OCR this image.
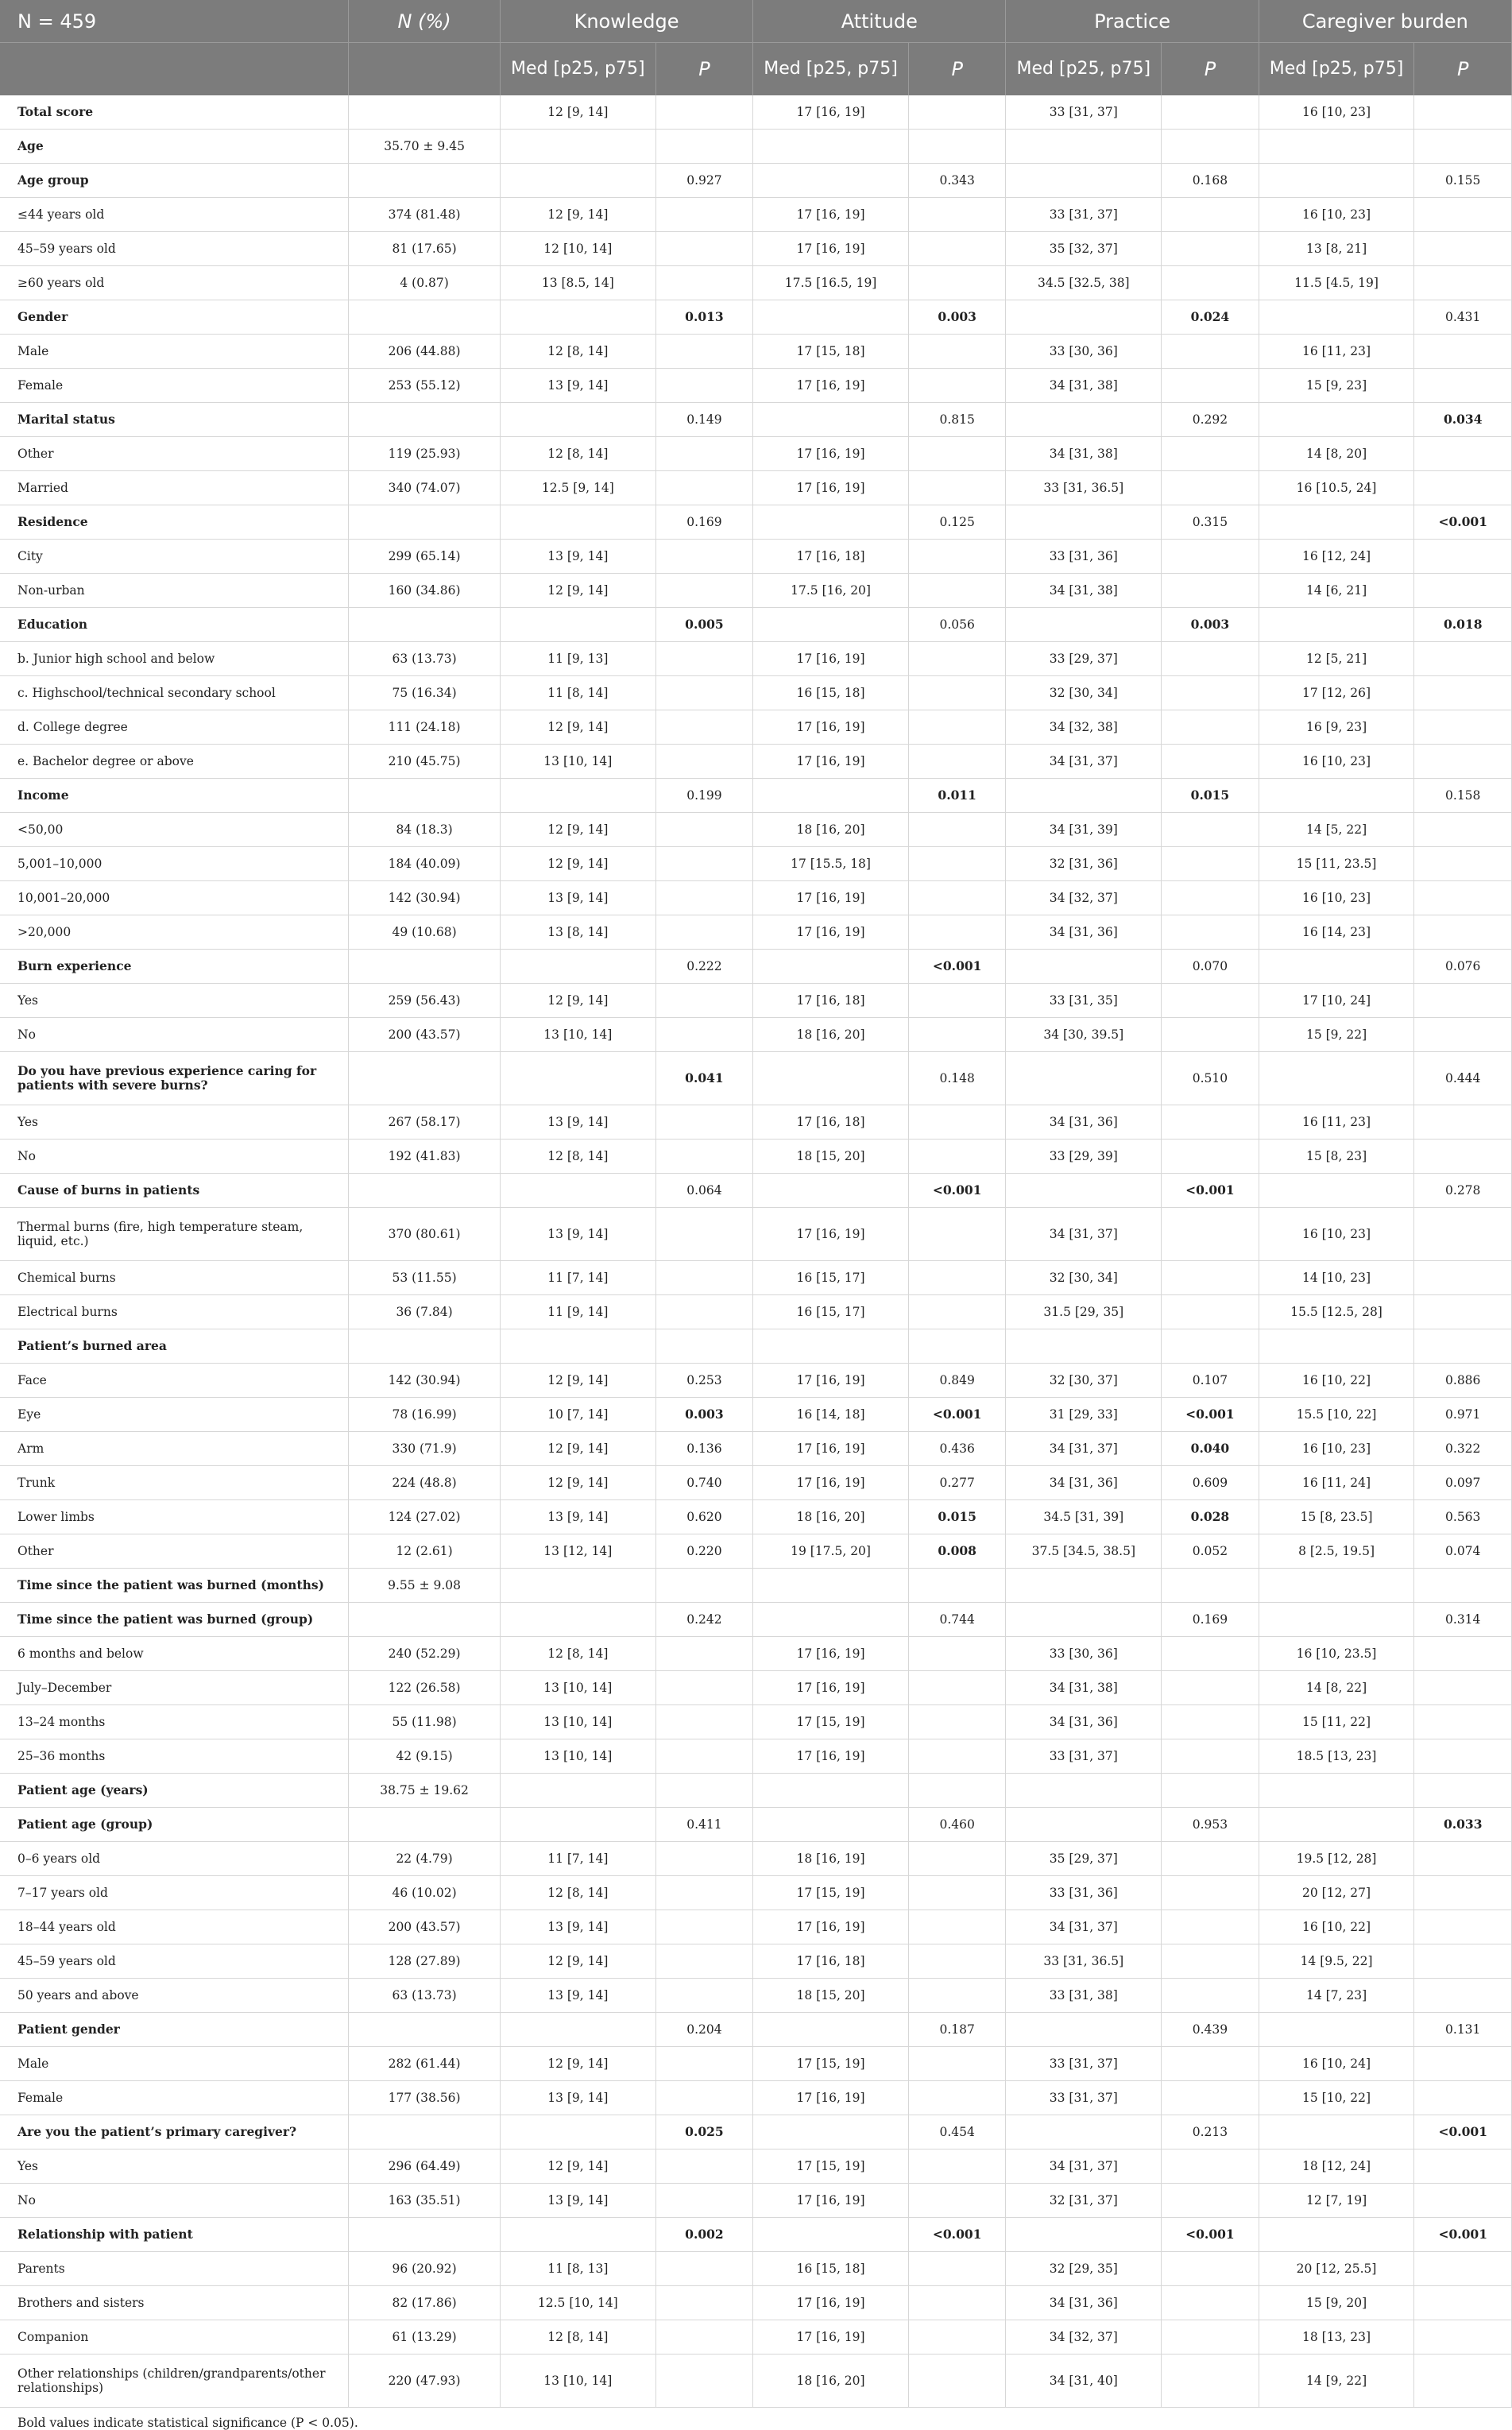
N = 459	N (%)	Knowledge		Attitude		Practice		Caregiver burden	
		Med [p25, p75]	P	Med [p25, p75]	P	Med [p25, p75]	P	Med [p25, p75]	P
Total score		12 [9, 14]		17 [16, 19]		33 [31, 37]		16 [10, 23]	
Age	35.70 ± 9.45								
Age group			0.927		0.343		0.168		0.155
≤44 years old	374 (81.48)	12 [9, 14]		17 [16, 19]		33 [31, 37]		16 [10, 23]	
45–59 years old	81 (17.65)	12 [10, 14]		17 [16, 19]		35 [32, 37]		13 [8, 21]	
≥60 years old	4 (0.87)	13 [8.5, 14]		17.5 [16.5, 19]		34.5 [32.5, 38]		11.5 [4.5, 19]	
Gender			0.013		0.003		0.024		0.431
Male	206 (44.88)	12 [8, 14]		17 [15, 18]		33 [30, 36]		16 [11, 23]	
Female	253 (55.12)	13 [9, 14]		17 [16, 19]		34 [31, 38]		15 [9, 23]	
Marital status			0.149		0.815		0.292		0.034
Other	119 (25.93)	12 [8, 14]		17 [16, 19]		34 [31, 38]		14 [8, 20]	
Married	340 (74.07)	12.5 [9, 14]		17 [16, 19]		33 [31, 36.5]		16 [10.5, 24]	
Residence			0.169		0.125		0.315		<0.001
City	299 (65.14)	13 [9, 14]		17 [16, 18]		33 [31, 36]		16 [12, 24]	
Non-urban	160 (34.86)	12 [9, 14]		17.5 [16, 20]		34 [31, 38]		14 [6, 21]	
Education			0.005		0.056		0.003		0.018
b. Junior high school and below	63 (13.73)	11 [9, 13]		17 [16, 19]		33 [29, 37]		12 [5, 21]	
c. Highschool/technical secondary school	75 (16.34)	11 [8, 14]		16 [15, 18]		32 [30, 34]		17 [12, 26]	
d. College degree	111 (24.18)	12 [9, 14]		17 [16, 19]		34 [32, 38]		16 [9, 23]	
e. Bachelor degree or above	210 (45.75)	13 [10, 14]		17 [16, 19]		34 [31, 37]		16 [10, 23]	
Income			0.199		0.011		0.015		0.158
<50,00	84 (18.3)	12 [9, 14]		18 [16, 20]		34 [31, 39]		14 [5, 22]	
5,001–10,000	184 (40.09)	12 [9, 14]		17 [15.5, 18]		32 [31, 36]		15 [11, 23.5]	
10,001–20,000	142 (30.94)	13 [9, 14]		17 [16, 19]		34 [32, 37]		16 [10, 23]	
>20,000	49 (10.68)	13 [8, 14]		17 [16, 19]		34 [31, 36]		16 [14, 23]	
Burn experience			0.222		<0.001		0.070		0.076
Yes	259 (56.43)	12 [9, 14]		17 [16, 18]		33 [31, 35]		17 [10, 24]	
No	200 (43.57)	13 [10, 14]		18 [16, 20]		34 [30, 39.5]		15 [9, 22]	
Do you have previous experience caring for patients with severe burns?			0.041		0.148		0.510		0.444
Yes	267 (58.17)	13 [9, 14]		17 [16, 18]		34 [31, 36]		16 [11, 23]	
No	192 (41.83)	12 [8, 14]		18 [15, 20]		33 [29, 39]		15 [8, 23]	
Cause of burns in patients			0.064		<0.001		<0.001		0.278
Thermal burns (fire, high temperature steam, liquid, etc.)	370 (80.61)	13 [9, 14]		17 [16, 19]		34 [31, 37]		16 [10, 23]	
Chemical burns	53 (11.55)	11 [7, 14]		16 [15, 17]		32 [30, 34]		14 [10, 23]	
Electrical burns	36 (7.84)	11 [9, 14]		16 [15, 17]		31.5 [29, 35]		15.5 [12.5, 28]	
Patient’s burned area									
Face	142 (30.94)	12 [9, 14]	0.253	17 [16, 19]	0.849	32 [30, 37]	0.107	16 [10, 22]	0.886
Eye	78 (16.99)	10 [7, 14]	0.003	16 [14, 18]	<0.001	31 [29, 33]	<0.001	15.5 [10, 22]	0.971
Arm	330 (71.9)	12 [9, 14]	0.136	17 [16, 19]	0.436	34 [31, 37]	0.040	16 [10, 23]	0.322
Trunk	224 (48.8)	12 [9, 14]	0.740	17 [16, 19]	0.277	34 [31, 36]	0.609	16 [11, 24]	0.097
Lower limbs	124 (27.02)	13 [9, 14]	0.620	18 [16, 20]	0.015	34.5 [31, 39]	0.028	15 [8, 23.5]	0.563
Other	12 (2.61)	13 [12, 14]	0.220	19 [17.5, 20]	0.008	37.5 [34.5, 38.5]	0.052	8 [2.5, 19.5]	0.074
Time since the patient was burned (months)	9.55 ± 9.08								
Time since the patient was burned (group)			0.242		0.744		0.169		0.314
6 months and below	240 (52.29)	12 [8, 14]		17 [16, 19]		33 [30, 36]		16 [10, 23.5]	
July–December	122 (26.58)	13 [10, 14]		17 [16, 19]		34 [31, 38]		14 [8, 22]	
13–24 months	55 (11.98)	13 [10, 14]		17 [15, 19]		34 [31, 36]		15 [11, 22]	
25–36 months	42 (9.15)	13 [10, 14]		17 [16, 19]		33 [31, 37]		18.5 [13, 23]	
Patient age (years)	38.75 ± 19.62								
Patient age (group)			0.411		0.460		0.953		0.033
0–6 years old	22 (4.79)	11 [7, 14]		18 [16, 19]		35 [29, 37]		19.5 [12, 28]	
7–17 years old	46 (10.02)	12 [8, 14]		17 [15, 19]		33 [31, 36]		20 [12, 27]	
18–44 years old	200 (43.57)	13 [9, 14]		17 [16, 19]		34 [31, 37]		16 [10, 22]	
45–59 years old	128 (27.89)	12 [9, 14]		17 [16, 18]		33 [31, 36.5]		14 [9.5, 22]	
50 years and above	63 (13.73)	13 [9, 14]		18 [15, 20]		33 [31, 38]		14 [7, 23]	
Patient gender			0.204		0.187		0.439		0.131
Male	282 (61.44)	12 [9, 14]		17 [15, 19]		33 [31, 37]		16 [10, 24]	
Female	177 (38.56)	13 [9, 14]		17 [16, 19]		33 [31, 37]		15 [10, 22]	
Are you the patient’s primary caregiver?			0.025		0.454		0.213		<0.001
Yes	296 (64.49)	12 [9, 14]		17 [15, 19]		34 [31, 37]		18 [12, 24]	
No	163 (35.51)	13 [9, 14]		17 [16, 19]		32 [31, 37]		12 [7, 19]	
Relationship with patient			0.002		<0.001		<0.001		<0.001
Parents	96 (20.92)	11 [8, 13]		16 [15, 18]		32 [29, 35]		20 [12, 25.5]	
Brothers and sisters	82 (17.86)	12.5 [10, 14]		17 [16, 19]		34 [31, 36]		15 [9, 20]	
Companion	61 (13.29)	12 [8, 14]		17 [16, 19]		34 [32, 37]		18 [13, 23]	
Other relationships (children/grandparents/other relationships)	220 (47.93)	13 [10, 14]		18 [16, 20]		34 [31, 40]		14 [9, 22]	
Bold values indicate statistical significance (P < 0.05).
